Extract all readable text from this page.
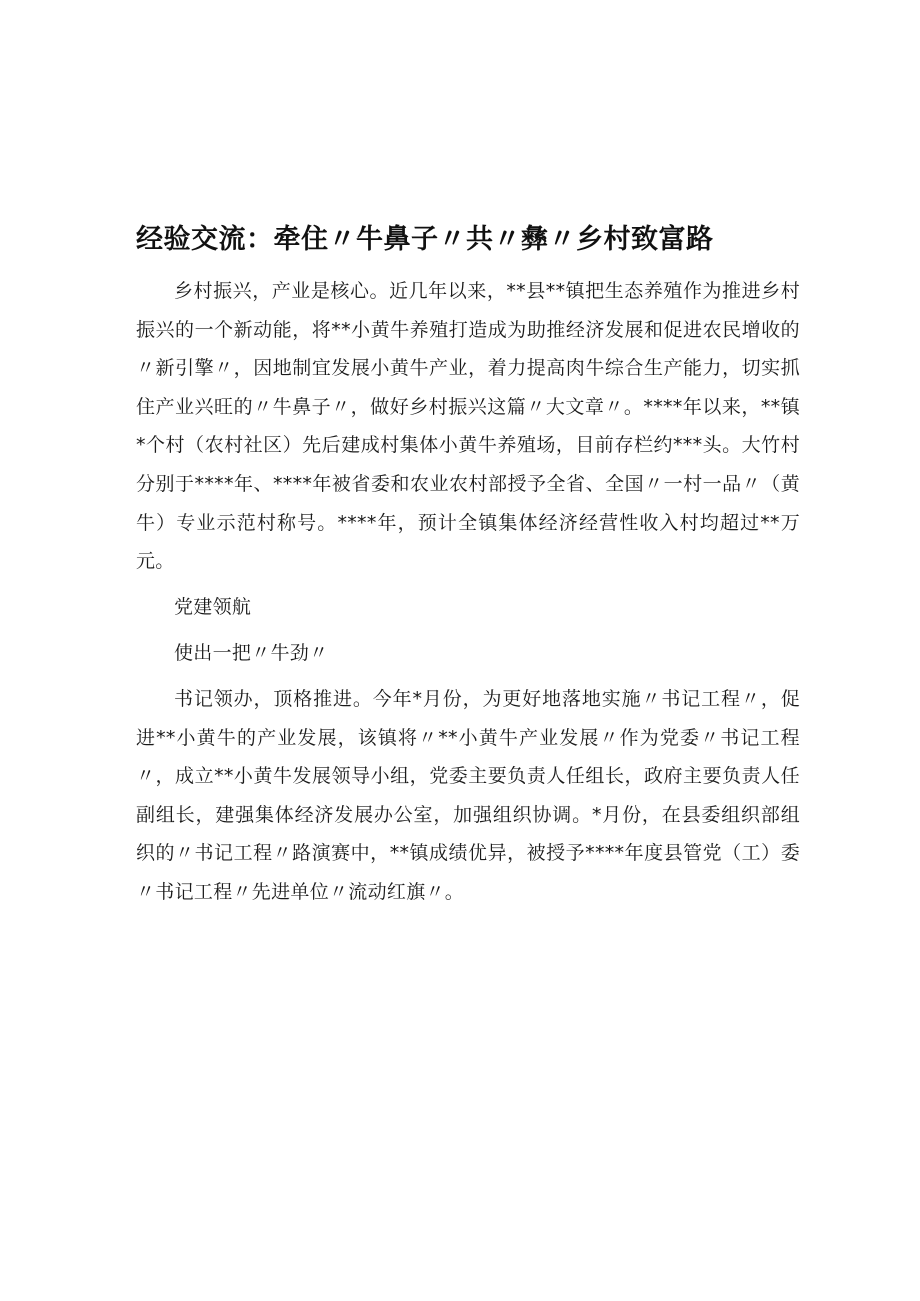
经验交流：牵住〃牛鼻子〃共〃彝〃乡村致富路

乡村振兴，产业是核心。近几年以来，**县**镇把生态养殖作为推进乡村振兴的一个新动能，将**小黄牛养殖打造成为助推经济发展和促进农民增收的〃新引擎〃，因地制宜发展小黄牛产业，着力提高肉牛综合生产能力，切实抓住产业兴旺的〃牛鼻子〃，做好乡村振兴这篇〃大文章〃。****年以来，**镇*个村（农村社区）先后建成村集体小黄牛养殖场，目前存栏约***头。大竹村分别于****年、****年被省委和农业农村部授予全省、全国〃一村一品〃（黄牛）专业示范村称号。****年，预计全镇集体经济经营性收入村均超过**万元。

党建领航

使出一把〃牛劲〃

书记领办，顶格推进。今年*月份，为更好地落地实施〃书记工程〃，促进**小黄牛的产业发展，该镇将〃**小黄牛产业发展〃作为党委〃书记工程〃，成立**小黄牛发展领导小组，党委主要负责人任组长，政府主要负责人任副组长，建强集体经济发展办公室，加强组织协调。*月份，在县委组织部组织的〃书记工程〃路演赛中，**镇成绩优异，被授予****年度县管党（工）委〃书记工程〃先进单位〃流动红旗〃。
